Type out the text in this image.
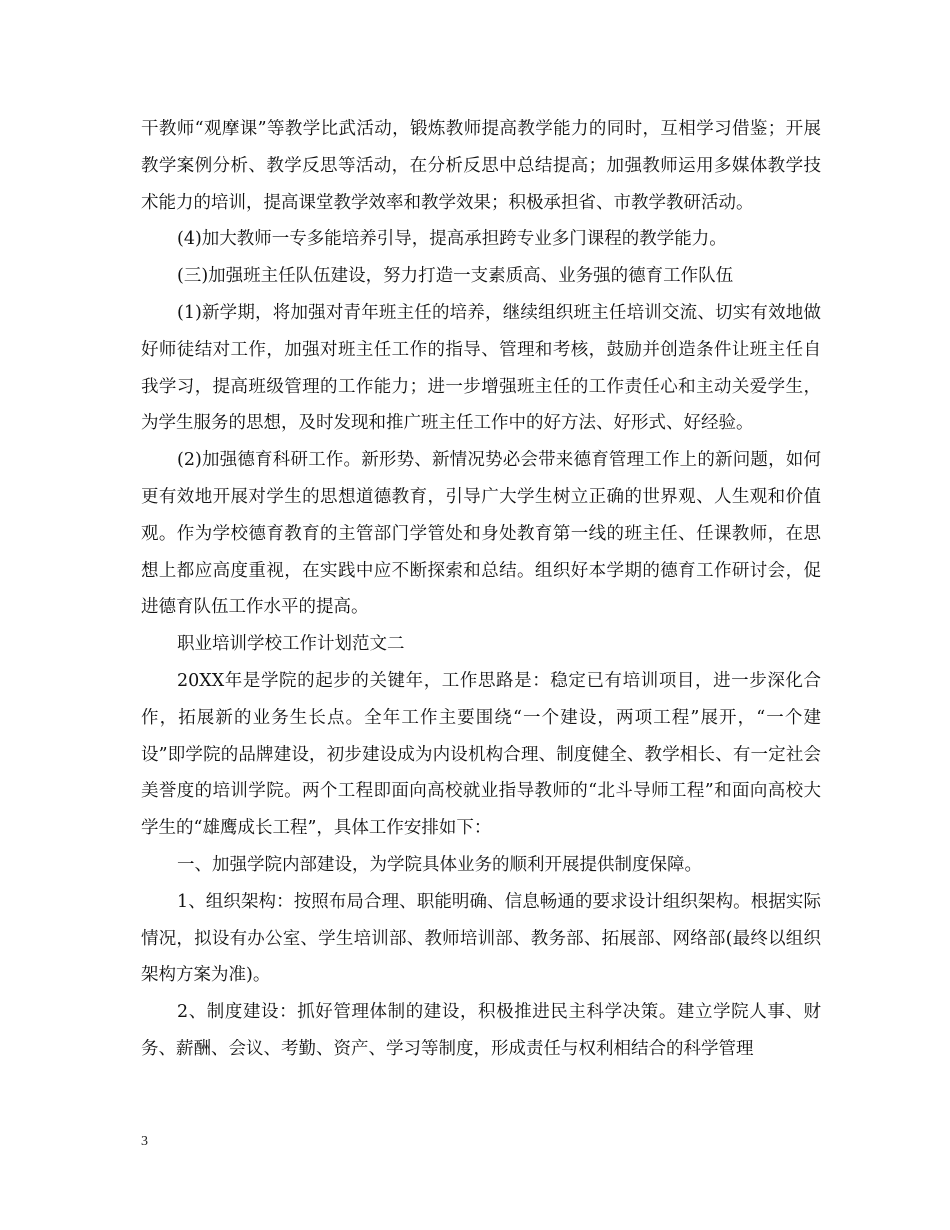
干教师“观摩课”等教学比武活动，锻炼教师提高教学能力的同时，互相学习借鉴；开展教学案例分析、教学反思等活动，在分析反思中总结提高；加强教师运用多媒体教学技术能力的培训，提高课堂教学效率和教学效果；积极承担省、市教学教研活动。

(4)加大教师一专多能培养引导，提高承担跨专业多门课程的教学能力。

(三)加强班主任队伍建设，努力打造一支素质高、业务强的德育工作队伍

(1)新学期，将加强对青年班主任的培养，继续组织班主任培训交流、切实有效地做好师徒结对工作，加强对班主任工作的指导、管理和考核，鼓励并创造条件让班主任自我学习，提高班级管理的工作能力；进一步增强班主任的工作责任心和主动关爱学生，为学生服务的思想，及时发现和推广班主任工作中的好方法、好形式、好经验。

(2)加强德育科研工作。新形势、新情况势必会带来德育管理工作上的新问题，如何更有效地开展对学生的思想道德教育，引导广大学生树立正确的世界观、人生观和价值观。作为学校德育教育的主管部门学管处和身处教育第一线的班主任、任课教师，在思想上都应高度重视，在实践中应不断探索和总结。组织好本学期的德育工作研讨会，促进德育队伍工作水平的提高。

职业培训学校工作计划范文二

20XX年是学院的起步的关键年，工作思路是：稳定已有培训项目，进一步深化合作，拓展新的业务生长点。全年工作主要围绕“一个建设，两项工程”展开，“一个建设”即学院的品牌建设，初步建设成为内设机构合理、制度健全、教学相长、有一定社会美誉度的培训学院。两个工程即面向高校就业指导教师的“北斗导师工程”和面向高校大学生的“雄鹰成长工程”，具体工作安排如下：

一、加强学院内部建设，为学院具体业务的顺利开展提供制度保障。

1、组织架构：按照布局合理、职能明确、信息畅通的要求设计组织架构。根据实际情况，拟设有办公室、学生培训部、教师培训部、教务部、拓展部、网络部(最终以组织架构方案为准)。

2、制度建设：抓好管理体制的建设，积极推进民主科学决策。建立学院人事、财务、薪酬、会议、考勤、资产、学习等制度，形成责任与权利相结合的科学管理

3
